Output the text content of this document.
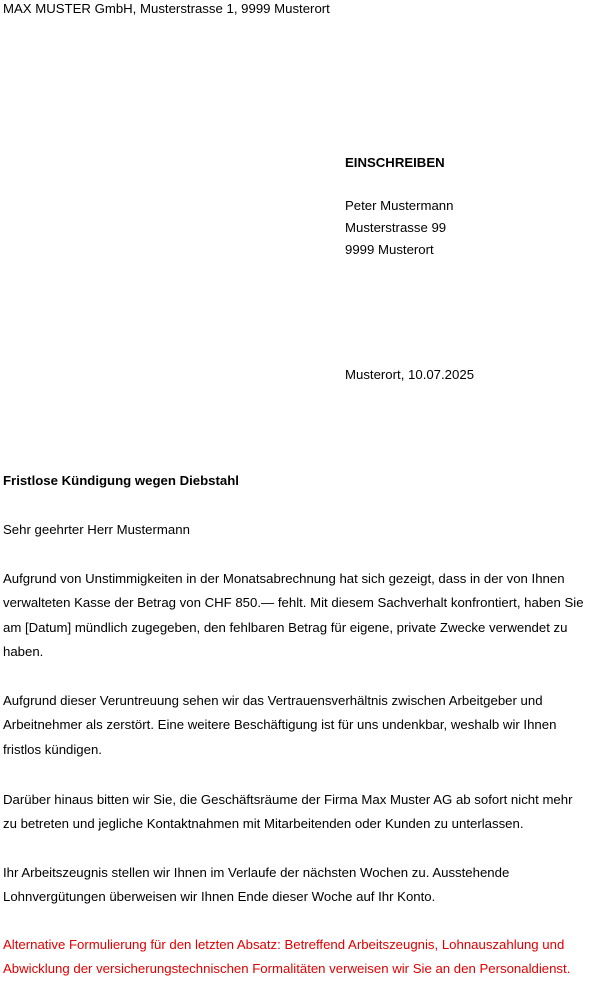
MAX MUSTER GmbH, Musterstrasse 1, 9999 Musterort
EINSCHREIBEN
Peter Mustermann
Musterstrasse 99
9999 Musterort
Musterort, 10.07.2025
Fristlose Kündigung wegen Diebstahl
Sehr geehrter Herr Mustermann
Aufgrund von Unstimmigkeiten in der Monatsabrechnung hat sich gezeigt, dass in der von Ihnen
verwalteten Kasse der Betrag von CHF 850.— fehlt. Mit diesem Sachverhalt konfrontiert, haben Sie
am [Datum] mündlich zugegeben, den fehlbaren Betrag für eigene, private Zwecke verwendet zu
haben.
Aufgrund dieser Veruntreuung sehen wir das Vertrauensverhältnis zwischen Arbeitgeber und
Arbeitnehmer als zerstört. Eine weitere Beschäftigung ist für uns undenkbar, weshalb wir Ihnen
fristlos kündigen.
Darüber hinaus bitten wir Sie, die Geschäftsräume der Firma Max Muster AG ab sofort nicht mehr
zu betreten und jegliche Kontaktnahmen mit Mitarbeitenden oder Kunden zu unterlassen.
Ihr Arbeitszeugnis stellen wir Ihnen im Verlaufe der nächsten Wochen zu. Ausstehende
Lohnvergütungen überweisen wir Ihnen Ende dieser Woche auf Ihr Konto.
Alternative Formulierung für den letzten Absatz: Betreffend Arbeitszeugnis, Lohnauszahlung und
Abwicklung der versicherungstechnischen Formalitäten verweisen wir Sie an den Personaldienst.
